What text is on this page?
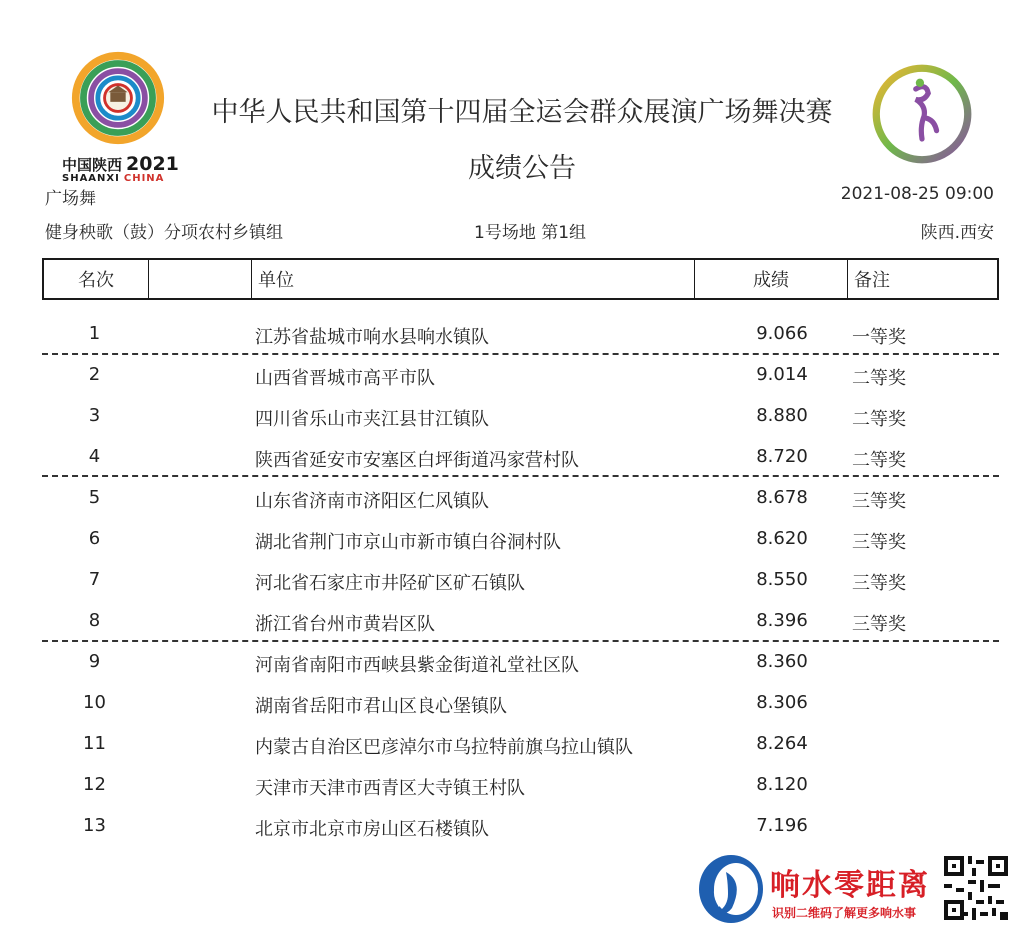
中国陕西 2021
SHAANXI CHINA
中华人民共和国第十四届全运会群众展演广场舞决赛
成绩公告
广场舞	2021-08-25 09:00
健身秧歌（鼓）分项农村乡镇组	1号场地 第1组	陕西.西安
名次		单位	成绩	备注
1	江苏省盐城市响水县响水镇队	9.066	一等奖
2	山西省晋城市高平市队	9.014	二等奖
3	四川省乐山市夹江县甘江镇队	8.880	二等奖
4	陕西省延安市安塞区白坪街道冯家营村队	8.720	二等奖
5	山东省济南市济阳区仁风镇队	8.678	三等奖
6	湖北省荆门市京山市新市镇白谷洞村队	8.620	三等奖
7	河北省石家庄市井陉矿区矿石镇队	8.550	三等奖
8	浙江省台州市黄岩区队	8.396	三等奖
9	河南省南阳市西峡县紫金街道礼堂社区队	8.360
10	湖南省岳阳市君山区良心堡镇队	8.306
11	内蒙古自治区巴彦淖尔市乌拉特前旗乌拉山镇队	8.264
12	天津市天津市西青区大寺镇王村队	8.120
13	北京市北京市房山区石楼镇队	7.196
响水零距离
识别二维码了解更多响水事
